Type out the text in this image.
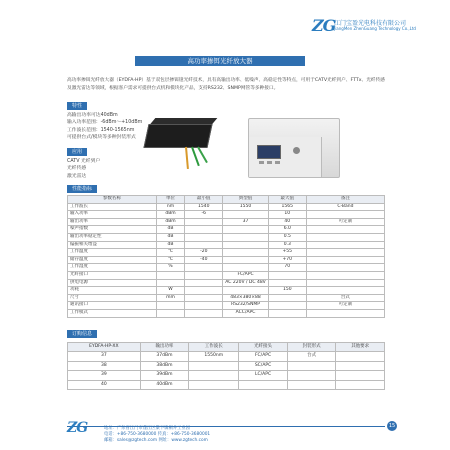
ZG
江门宝盈光电科技有限公司
JiangMen ZhenGuang Technology Co.,Ltd
高功率掺铒光纤放大器
高功率掺铒光纤放大器（EYDFA-HP）基于双包层掺铒镱光纤技术，具有高输出功率、低噪声、高稳定性等特点，可用于CATV光纤到户、FTTx、光纤传感及激光雷达等领域，根据客户需求可提供台式机和模块化产品，支持RS232、SNMP网管等多种接口。
特性
高输出功率可达40dBm
输入功率范围：-6dBm～+10dBm
工作波长范围：1540-1565nm
可提供台式/模块等多种封装形式
应用
CATV 光纤到户
光纤传感
激光雷达
性能指标
参数名称	单位	最小值	典型值	最大值	备注
工作波长	nm	1540	1550	1565	C-Band
输入功率	dBm	-6		10	
输出功率	dBm		37	40	可定制
噪声指数	dB			6.0	
输出功率稳定性	dB			0.5	
偏振相关增益	dB			0.3	
工作温度	℃	-20		+55	
储存温度	℃	-40		+70	
工作湿度	%			70	
光纤接口			FC/APC		
供电电源			AC 220V / DC 48V		
功耗	W			150	
尺寸	mm		483×380×88		台式
通讯接口			RS232/SNMP		可定制
工作模式			ACC/APC		
订购信息
EYDFA-HP-XX	输出功率	工作波长	光纤接头	封装形式	其他要求
37	37dBm	1550nm	FC/APC	台式	
38	38dBm		SC/APC		
39	39dBm		LC/APC		
40	40dBm				
15
ZG	地址：广东省江门市蓬江区棠下镇桐井工业园
电话：+86-750-3680000 传真：+86-750-3680001
邮箱：sales@zgtech.com 网址：www.zgtech.com
